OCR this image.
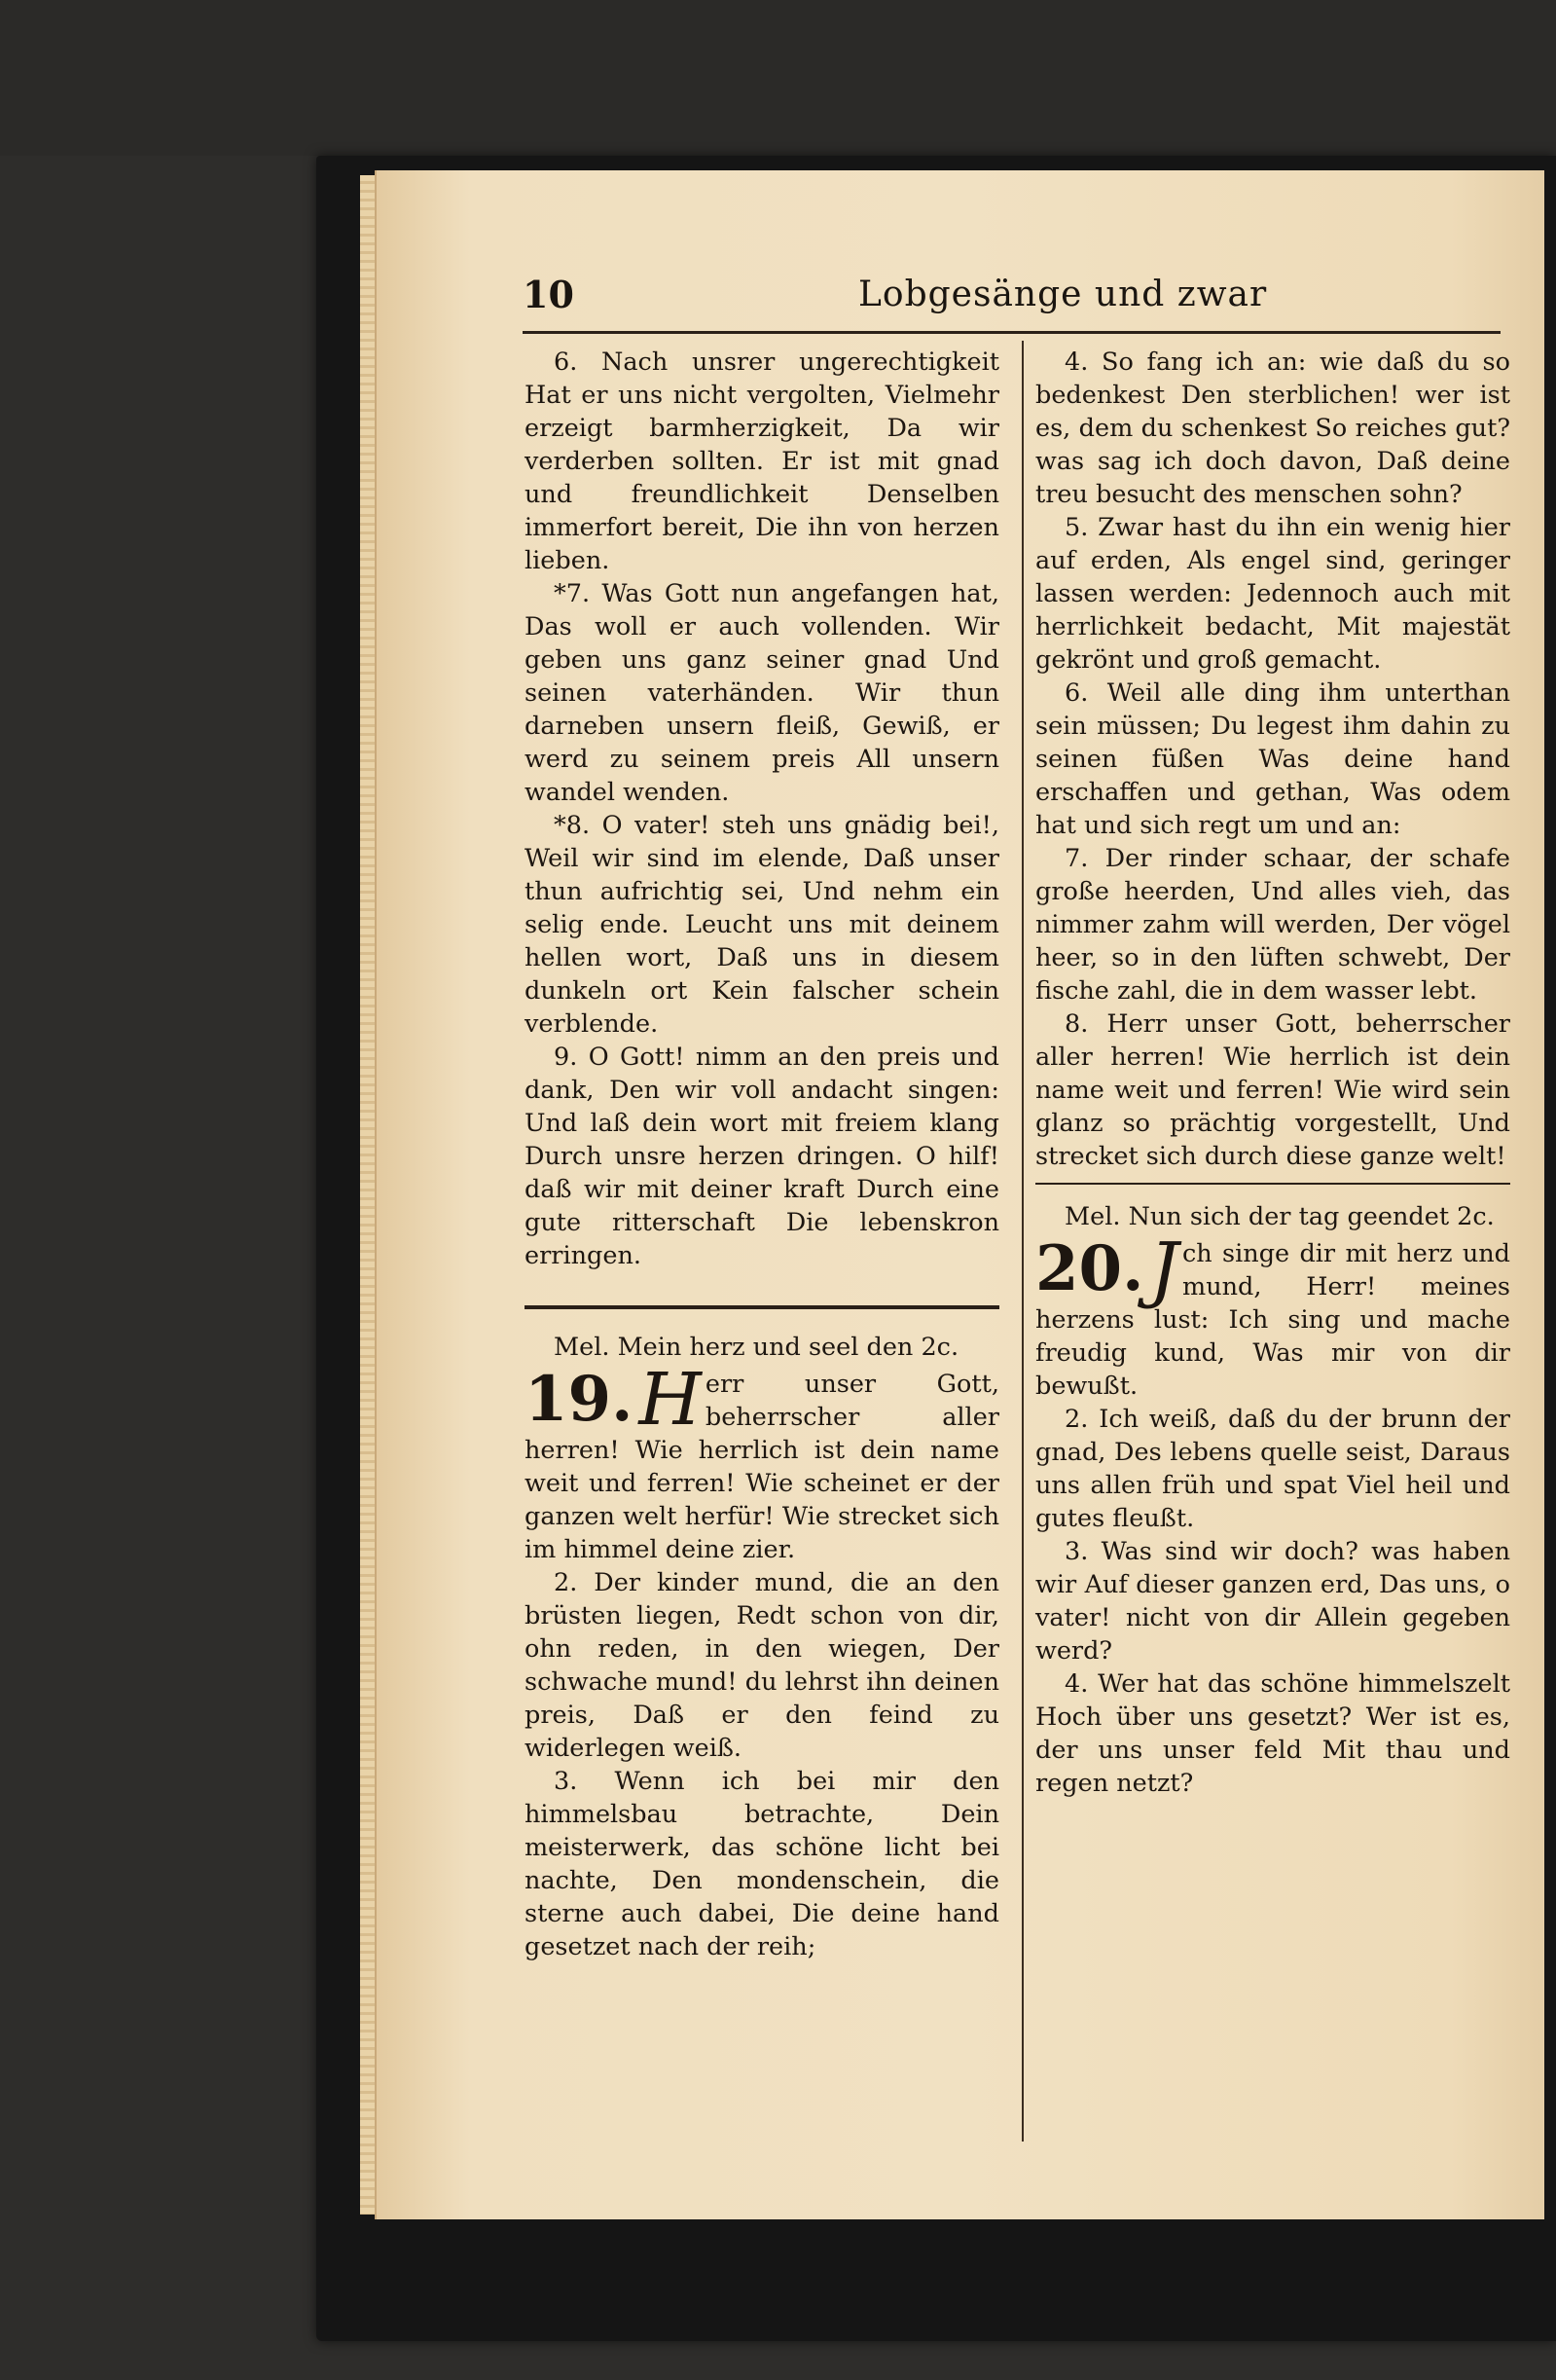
10	Lobgesänge und zwar

6. Nach unsrer ungerechtigkeit Hat er uns nicht vergolten, Vielmehr erzeigt barmherzigkeit, Da wir verderben sollten. Er ist mit gnad und freundlichkeit Denselben immerfort bereit, Die ihn von herzen lieben.

*7. Was Gott nun angefangen hat, Das woll er auch vollenden. Wir geben uns ganz seiner gnad Und seinen vaterhänden. Wir thun darneben unsern fleiß, Gewiß, er werd zu seinem preis All unsern wandel wenden.

*8. O vater! steh uns gnädig bei!, Weil wir sind im elende, Daß unser thun aufrichtig sei, Und nehm ein selig ende. Leucht uns mit deinem hellen wort, Daß uns in diesem dunkeln ort Kein falscher schein verblende.

9. O Gott! nimm an den preis und dank, Den wir voll andacht singen: Und laß dein wort mit freiem klang Durch unsre herzen dringen. O hilf! daß wir mit deiner kraft Durch eine gute ritterschaft Die lebenskron erringen.

Mel. Mein herz und seel den 2c.

19. H err unser Gott, beherrscher aller herren! Wie herrlich ist dein name weit und ferren! Wie scheinet er der ganzen welt herfür! Wie strecket sich im himmel deine zier.

2. Der kinder mund, die an den brüsten liegen, Redt schon von dir, ohn reden, in den wiegen, Der schwache mund! du lehrst ihn deinen preis, Daß er den feind zu widerlegen weiß.

3. Wenn ich bei mir den himmelsbau betrachte, Dein meisterwerk, das schöne licht bei nachte, Den mondenschein, die sterne auch dabei, Die deine hand gesetzet nach der reih;

4. So fang ich an: wie daß du so bedenkest Den sterblichen! wer ist es, dem du schenkest So reiches gut? was sag ich doch davon, Daß deine treu besucht des menschen sohn?

5. Zwar hast du ihn ein wenig hier auf erden, Als engel sind, geringer lassen werden: Jedennoch auch mit herrlichkeit bedacht, Mit majestät gekrönt und groß gemacht.

6. Weil alle ding ihm unterthan sein müssen; Du legest ihm dahin zu seinen füßen Was deine hand erschaffen und gethan, Was odem hat und sich regt um und an:

7. Der rinder schaar, der schafe große heerden, Und alles vieh, das nimmer zahm will werden, Der vögel heer, so in den lüften schwebt, Der fische zahl, die in dem wasser lebt.

8. Herr unser Gott, beherrscher aller herren! Wie herrlich ist dein name weit und ferren! Wie wird sein glanz so prächtig vorgestellt, Und strecket sich durch diese ganze welt!

Mel. Nun sich der tag geendet 2c.

20. J ch singe dir mit herz und mund, Herr! meines herzens lust: Ich sing und mache freudig kund, Was mir von dir bewußt.

2. Ich weiß, daß du der brunn der gnad, Des lebens quelle seist, Daraus uns allen früh und spat Viel heil und gutes fleußt.

3. Was sind wir doch? was haben wir Auf dieser ganzen erd, Das uns, o vater! nicht von dir Allein gegeben werd?

4. Wer hat das schöne himmelszelt Hoch über uns gesetzt? Wer ist es, der uns unser feld Mit thau und regen netzt?
